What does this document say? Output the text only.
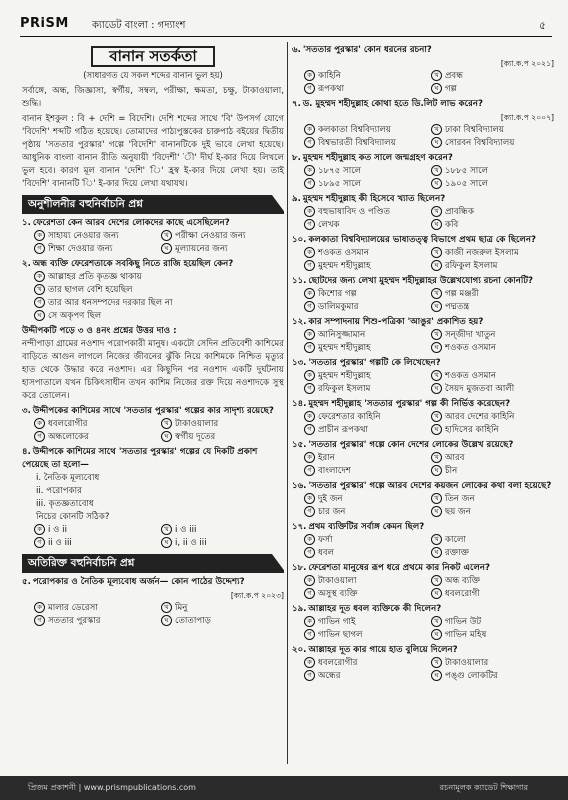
PRiSM ক্যাডেট বাংলা : গদ্যাংশ	৫
বানান সতর্কতা
(সাধারণত যে সকল শব্দের বানান ভুল হয়)
সর্বাঙ্গে, অন্ধ, জিজ্ঞাসা, স্বর্গীয়, সম্বল, পরীক্ষা, ক্ষমতা, চক্ষু, টাকাওয়ালা, শুদ্ধি।
বানান ইশকুল : বি + দেশি = বিদেশি। দেশি শব্দের সাথে 'বি' উপসর্গ যোগে 'বিদেশি' শব্দটি গঠিত হয়েছে। তোমাদের পাঠ্যপুস্তকের চারুপাঠ বইয়ের দ্বিতীয় পৃষ্ঠায় 'সততার পুরস্কার' গল্পে 'বিদেশি' বানানটিকে দুই ভাবে লেখা হয়েছে। আধুনিক বাংলা বানান রীতি অনুযায়ী 'বিদেশী' 'ী' দীর্ঘ ই-কার দিয়ে লিখলে ভুল হবে। কারণ মূল বানান 'দেশি' 'ি' হ্রস্ব ই-কার দিয়ে লেখা হয়। তাই 'বিদেশি' বানানটি 'ি' ই-কার দিয়ে লেখা যথাযথ।
অনুশীলনীর বহুনির্বাচনি প্রশ্ন
১. ফেরেশতা কেন আরব দেশের লোকদের কাছে এসেছিলেন?
ক সাহায্য নেওয়ার জন্য	খ পরীক্ষা নেওয়ার জন্য
গ শিক্ষা দেওয়ার জন্য	ঘ মূল্যায়নের জন্য
২. অন্ধ ব্যক্তি ফেরেশতাকে সবকিছু নিতে রাজি হয়েছিল কেন?
ক আল্লাহর প্রতি কৃতজ্ঞ থাকায়
খ তার ছাগল বেশি হয়েছিল
গ তার আর ধনসম্পদের দরকার ছিল না
ঘ সে অকৃপণ ছিল
উদ্দীপকটি পড়ে ৩ ও ৪নং প্রশ্নের উত্তর দাও :
নন্দীপাড়া গ্রামের নওশাদ পরোপকারী মানুষ। একটো সেদিন প্রতিবেশী কাশিমের বাড়িতে আগুন লাগলে নিজের জীবনের ঝুঁকি নিয়ে কাশিমকে নিশ্চিত মৃত্যুর হাত থেকে উদ্ধার করে নওশাদ। এর কিছুদিন পর নওশাদ একটি দুর্ঘটনায় হাসপাতালে যখন চিকিৎসাধীন তখন কাশিম নিজের রক্ত দিয়ে নওশাদকে সুস্থ করে তোলেন।
৩. উদ্দীপকের কাশিমের সাথে 'সততার পুরস্কার' গল্পের কার সাদৃশ্য রয়েছে?
ক ধবলরোগীর	খ টাকাওয়ালার
গ অন্ধলোকের	ঘ স্বর্গীয় দূতের
৪. উদ্দীপকে কাশিমের সাথে 'সততার পুরস্কার' গল্পের যে দিকটি প্রকাশ পেয়েছে তা হলো—
i. নৈতিক মূল্যবোধ
ii. পরোপকার
iii. কৃতজ্ঞতাবোধ
নিচের কোনটি সঠিক?
ক i ও ii	খ i ও iii
গ ii ও iii	ঘ i, ii ও iii
অতিরিক্ত বহুনির্বাচনি প্রশ্ন
৫. পরোপকার ও নৈতিক মূল্যবোধ অর্জন— কোন পাঠের উদ্দেশ্য?
[ক্যা.ক.প ২০২৩]
ক মালার ডেরেসা	খ মিনু
গ সততার পুরস্কার	ঘ তোতাপাড়
৬. 'সততার পুরস্কার' কোন ধরনের রচনা?
[ক্যা.ক.প ২০২১]
ক কাহিনি	খ প্রবন্ধ
গ রূপকথা	ঘ গল্প
৭. ড. মুহম্মদ শহীদুল্লাহ কোথা হতে ডি.লিট লাভ করেন?
[ক্যা.ক.প ২০০৭]
ক কলকাতা বিশ্ববিদ্যালয়	খ ঢাকা বিশ্ববিদ্যালয়
গ বিশ্বভারতী বিশ্ববিদ্যালয়	ঘ সোরবন বিশ্ববিদ্যালয়
৮. মুহম্মদ শহীদুল্লাহ কত সালে জন্মগ্রহণ করেন?
ক ১৮৭৫ সালে	খ ১৮৮৫ সালে
গ ১৮৯৫ সালে	ঘ ১৯০৫ সালে
৯. মুহম্মদ শহীদুল্লাহ কী হিসেবে খ্যাত ছিলেন?
ক বহুভাষাবিদ ও পণ্ডিত	খ প্রাবন্ধিক
গ লেখক	ঘ কবি
১০. কলকাতা বিশ্ববিদ্যালয়ের ভাষাতত্ত্ব বিভাগে প্রথম ছাত্র কে ছিলেন?
ক শওকত ওসমান	খ কাজী নজরুল ইসলাম
গ মুহম্মদ শহীদুল্লাহ	ঘ রফিকুল ইসলাম
১১. ছোটদের জন্য লেখা মুহম্মদ শহীদুল্লাহর উল্লেখযোগ্য রচনা কোনটি?
ক কিশোর গল্প	খ গল্প মঞ্জরী
গ ডালিমকুমার	ঘ পদ্মতন্ত্র
১২. কার সম্পাদনায় শিশু-পত্রিকা 'আঙুর' প্রকাশিত হয়?
ক আনিসুজ্জামান	খ সন্‌জীদা খাতুন
গ মুহম্মদ শহীদুল্লাহ	ঘ শওকত ওসমান
১৩. 'সততার পুরস্কার' গল্পটি কে লিখেছেন?
ক মুহম্মদ শহীদুল্লাহ	খ শওকত ওসমান
গ রফিকুল ইসলাম	ঘ সৈয়দ মুজতবা আলী
১৪. মুহম্মদ শহীদুল্লাহ 'সততার পুরস্কার' গল্প কী নির্ভিত্ত করেছেন?
ক ফেরেশতার কাহিনি	খ আরব দেশের কাহিনি
গ প্রাচীন রূপকথা	ঘ হাদিসের কাহিনি
১৫. 'সততার পুরস্কার' গল্পে কোন দেশের লোকের উল্লেখ রয়েছে?
ক ইরান	খ আরব
গ বাংলাদেশ	ঘ চীন
১৬. 'সততার পুরস্কার' গল্পে আরব দেশের কয়জন লোকের কথা বলা হয়েছে?
ক দুই জন	খ তিন জন
গ চার জন	ঘ ছয় জন
১৭. প্রথম ব্যক্তিটির সর্বাঙ্গ কেমন ছিল?
ক ফর্সা	খ কালো
গ ধবল	ঘ রক্তাক্ত
১৮. ফেরেশতা মানুষের রূপ ধরে প্রথমে কার নিকট এলেন?
ক টাকাওয়ালা	খ অন্ধ ব্যক্তি
গ অসুস্থ ব্যক্তি	ঘ ধবলরোগী
১৯. আল্লাহর দূত ধবল ব্যক্তিকে কী দিলেন?
ক গাভিন গাই	খ গাভিন উট
গ গাভিন ছাগল	ঘ গাভিন মহিষ
২০. আল্লাহর দূত কার গায়ে হাত বুলিয়ে দিলেন?
ক ধবলরোগীর	খ টাকাওয়ালার
গ অন্ধের	ঘ পঙ্গু লোকটির
প্রিজম প্রকাশনী | www.prismpublications.com	রচনামূলক ক্যাডেট শিক্ষাগার
